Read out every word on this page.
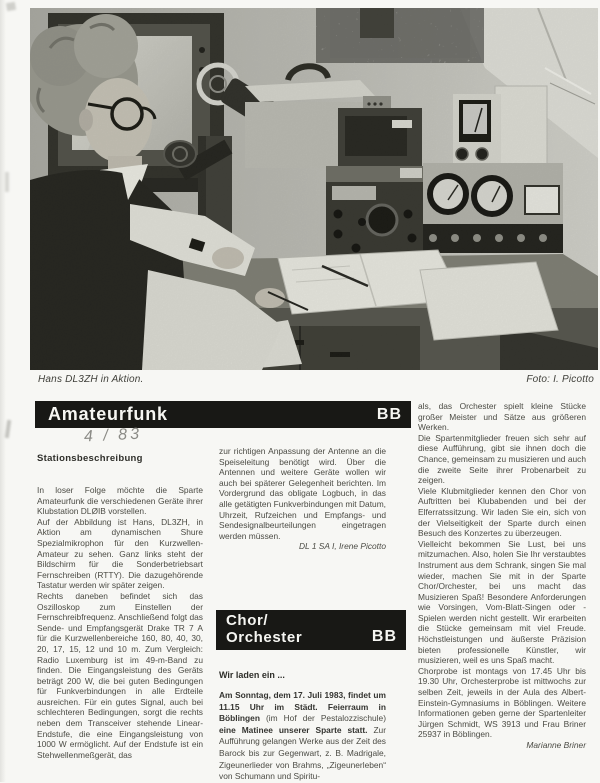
Hans DL3ZH in Aktion.	Foto: I. Picotto
Amateurfunk	BB
4 / 83
Stationsbeschreibung

In loser Folge möchte die Sparte Amateurfunk die verschiedenen Geräte ihrer Klubstation DLØIB vorstellen.

Auf der Abbildung ist Hans, DL3ZH, in Aktion am dynamischen Shure Spezialmikrophon für den Kurzwellen-Amateur zu sehen. Ganz links steht der Bildschirm für die Sonderbetriebsart Fernschreiben (RTTY). Die dazugehörende Tastatur werden wir später zeigen.

Rechts daneben befindet sich das Oszilloskop zum Einstellen der Fernschreibfrequenz. Anschließend folgt das Sende- und Empfangsgerät Drake TR 7 A für die Kurzwellenbereiche 160, 80, 40, 30, 20, 17, 15, 12 und 10 m. Zum Vergleich: Radio Luxemburg ist im 49-m-Band zu finden. Die Eingangsleistung des Geräts beträgt 200 W, die bei guten Bedingungen für Funkverbindungen in alle Erdteile ausreichen. Für ein gutes Signal, auch bei schlechteren Bedingungen, sorgt die rechts neben dem Transceiver stehende Linear-Endstufe, die eine Eingangsleistung von 1000 W ermöglicht. Auf der Endstufe ist ein Stehwellenmeßgerät, das

zur richtigen Anpassung der Antenne an die Speiseleitung benötigt wird. Über die Antennen und weitere Geräte wollen wir auch bei späterer Gelegenheit berichten. Im Vordergrund das obligate Logbuch, in das alle getätigten Funkverbindungen mit Datum, Uhrzeit, Rufzeichen und Empfangs- und Sendesignalbeurteilungen eingetragen werden müssen.

DL 1 SA I, Irene Picotto

Chor/
Orchester	BB
Wir laden ein ...
Am Sonntag, dem 17. Juli 1983, findet um 11.15 Uhr im Städt. Feierraum in Böblingen (im Hof der Pestalozzischule) eine Matinee unserer Sparte statt. Zur Aufführung gelangen Werke aus der Zeit des Barock bis zur Gegenwart, z. B. Madrigale, Zigeunerlieder von Brahms, „Zigeunerleben“ von Schumann und Spiritu-

als, das Orchester spielt kleine Stücke großer Meister und Sätze aus größeren Werken.

Die Spartenmitglieder freuen sich sehr auf diese Aufführung, gibt sie ihnen doch die Chance, gemeinsam zu musizieren und auch die zweite Seite ihrer Probenarbeit zu zeigen.

Viele Klubmitglieder kennen den Chor von Auftritten bei Klubabenden und bei der Elferratssitzung. Wir laden Sie ein, sich von der Vielseitigkeit der Sparte durch einen Besuch des Konzertes zu überzeugen.

Vielleicht bekommen Sie Lust, bei uns mitzumachen. Also, holen Sie Ihr verstaubtes Instrument aus dem Schrank, singen Sie mal wieder, machen Sie mit in der Sparte Chor/Orchester, bei uns macht das Musizieren Spaß! Besondere Anforderungen wie Vorsingen, Vom-Blatt-Singen oder -Spielen werden nicht gestellt. Wir erarbeiten die Stücke gemeinsam mit viel Freude. Höchstleistungen und äußerste Präzision bieten professionelle Künstler, wir musizieren, weil es uns Spaß macht.

Chorprobe ist montags von 17.45 Uhr bis 19.30 Uhr, Orchesterprobe ist mittwochs zur selben Zeit, jeweils in der Aula des Albert-Einstein-Gymnasiums in Böblingen. Weitere Informationen geben gerne der Spartenleiter Jürgen Schmidt, WS 3913 und Frau Briner 25937 in Böblingen.

Marianne Briner
